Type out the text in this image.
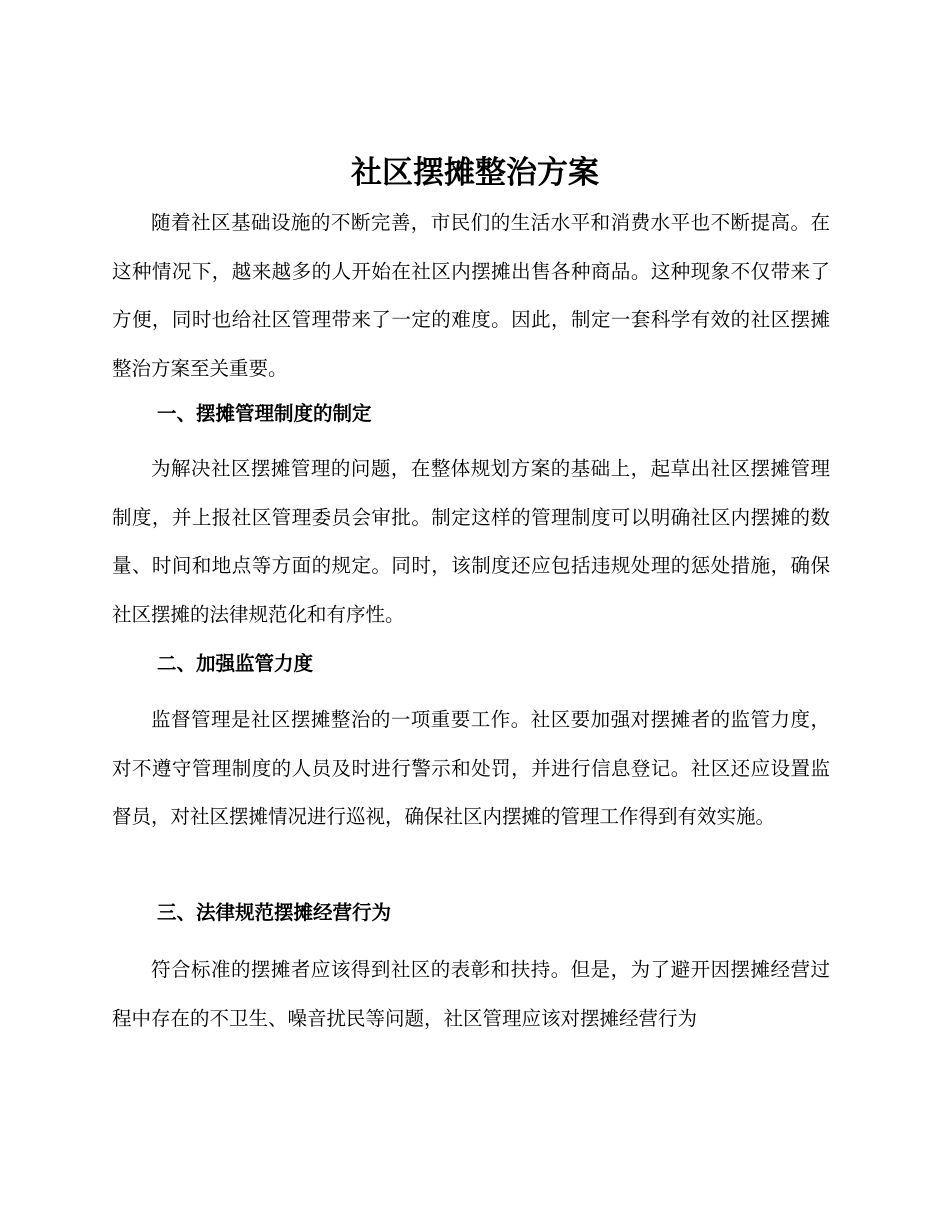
社区摆摊整治方案

随着社区基础设施的不断完善，市民们的生活水平和消费水平也不断提高。在这种情况下，越来越多的人开始在社区内摆摊出售各种商品。这种现象不仅带来了方便，同时也给社区管理带来了一定的难度。因此，制定一套科学有效的社区摆摊整治方案至关重要。

一、摆摊管理制度的制定

为解决社区摆摊管理的问题，在整体规划方案的基础上，起草出社区摆摊管理制度，并上报社区管理委员会审批。制定这样的管理制度可以明确社区内摆摊的数量、时间和地点等方面的规定。同时，该制度还应包括违规处理的惩处措施，确保社区摆摊的法律规范化和有序性。

二、加强监管力度

监督管理是社区摆摊整治的一项重要工作。社区要加强对摆摊者的监管力度，对不遵守管理制度的人员及时进行警示和处罚，并进行信息登记。社区还应设置监督员，对社区摆摊情况进行巡视，确保社区内摆摊的管理工作得到有效实施。

三、法律规范摆摊经营行为

符合标准的摆摊者应该得到社区的表彰和扶持。但是，为了避开因摆摊经营过程中存在的不卫生、噪音扰民等问题，社区管理应该对摆摊经营行为
